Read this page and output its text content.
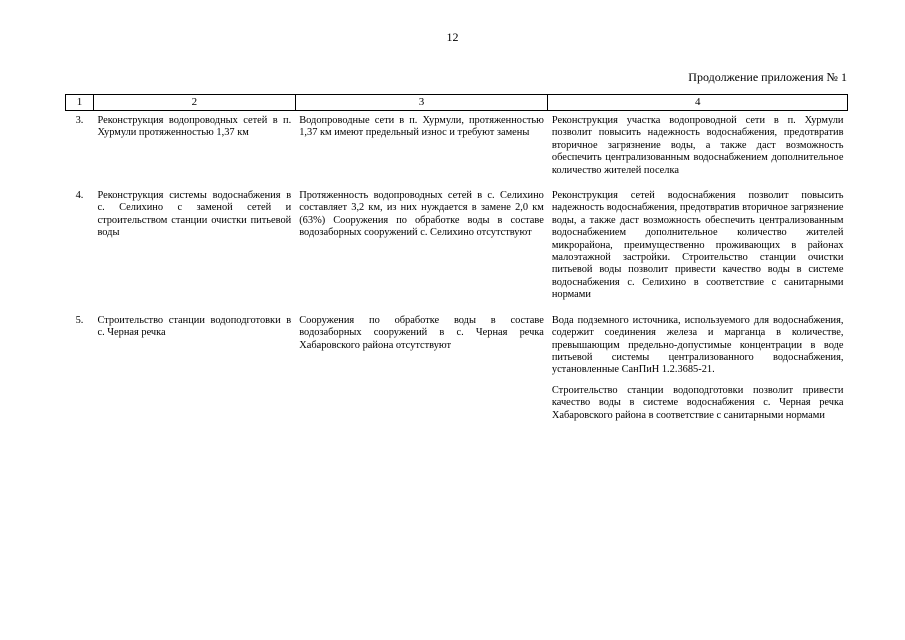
12
Продолжение приложения № 1
1	2	3	4
3.	Реконструкция водопроводных сетей в п. Хурмули протяженностью 1,37 км	Водопроводные сети в п. Хурмули, протяженностью 1,37 км имеют предельный износ и требуют замены	Реконструкция участка водопроводной сети в п. Хурмули позволит повысить надежность водоснабжения, предотвратив вторичное загрязнение воды, а также даст возможность обеспечить централизованным водоснабжением дополнительное количество жителей поселка

4.	Реконструкция системы водоснабжения в с. Селихино с заменой сетей и строительством станции очистки питьевой воды	Протяженность водопроводных сетей в с. Селихино составляет 3,2 км, из них нуждается в замене 2,0 км (63%) Сооружения по обработке воды в составе водозаборных сооружений с. Селихино отсутствуют	Реконструкция сетей водоснабжения позволит повысить надежность водоснабжения, предотвратив вторичное загрязнение воды, а также даст возможность обеспечить централизованным водоснабжением дополнительное количество жителей микрорайона, преимущественно проживающих в районах малоэтажной застройки. Строительство станции очистки питьевой воды позволит привести качество воды в системе водоснабжения с. Селихино в соответствие с санитарными нормами

5.	Строительство станции водоподготовки в с. Черная речка	Сооружения по обработке воды в составе водозаборных сооружений в с. Черная речка Хабаровского района отсутствуют	Вода подземного источника, используемого для водоснабжения, содержит соединения железа и марганца в количестве, превышающим предельно-допустимые концентрации в воде питьевой системы централизованного водоснабжения, установленные СанПиН 1.2.3685-21.

Строительство станции водоподготовки позволит привести качество воды в системе водоснабжения с. Черная речка Хабаровского района в соответствие с санитарными нормами
